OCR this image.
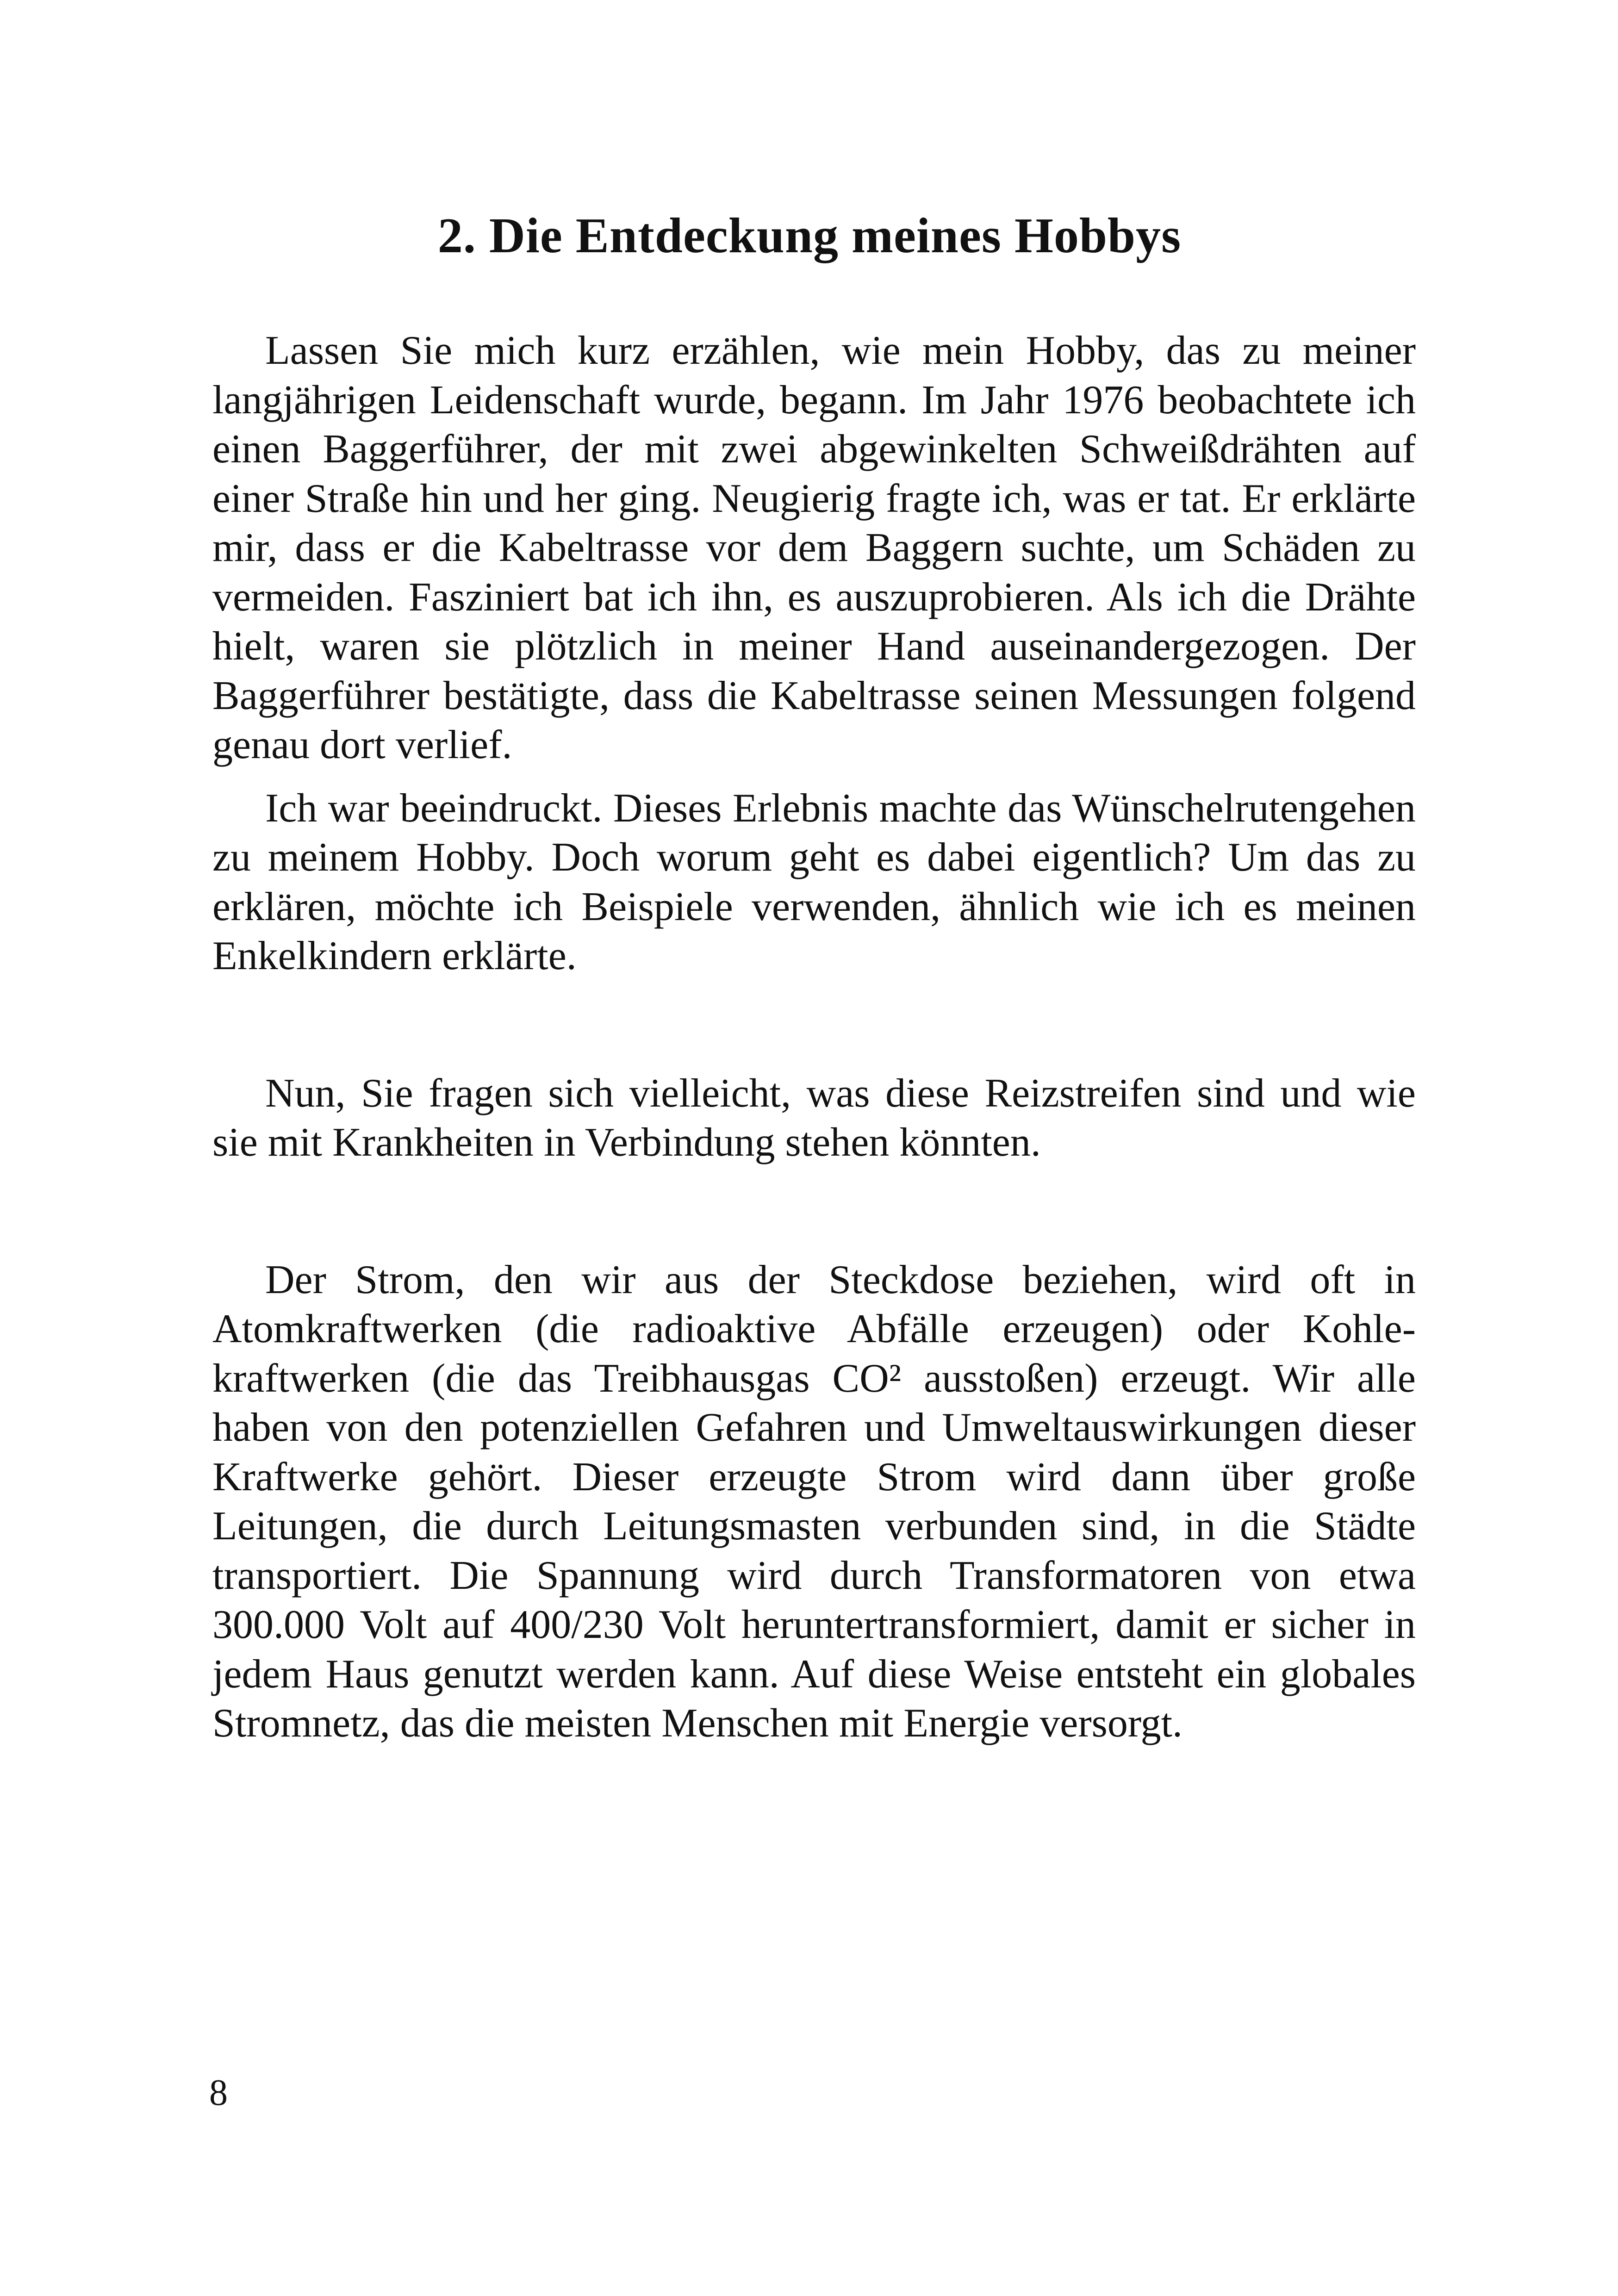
2. Die Entdeckung meines Hobbys

Lassen Sie mich kurz erzählen, wie mein Hobby, das zu meiner langjährigen Leidenschaft wurde, begann. Im Jahr 1976 beobachtete ich einen Baggerführer, der mit zwei abgewinkelten Schweißdrähten auf einer Straße hin und her ging. Neugierig fragte ich, was er tat. Er erklärte mir, dass er die Kabeltrasse vor dem Baggern suchte, um Schäden zu vermeiden. Fasziniert bat ich ihn, es auszuprobieren. Als ich die Drähte hielt, waren sie plötzlich in meiner Hand auseinandergezogen. Der Baggerführer bestätigte, dass die Kabeltrasse seinen Messungen folgend genau dort verlief.

Ich war beeindruckt. Dieses Erlebnis machte das Wünschelrutengehen zu meinem Hobby. Doch worum geht es dabei eigentlich? Um das zu erklären, möchte ich Beispiele verwenden, ähnlich wie ich es meinen Enkelkindern erklärte.

Nun, Sie fragen sich vielleicht, was diese Reizstreifen sind und wie sie mit Krankheiten in Verbindung stehen könnten.

Der Strom, den wir aus der Steckdose beziehen, wird oft in Atomkraftwerken (die radioaktive Abfälle erzeugen) oder Kohlekraftwerken (die das Treibhausgas CO² ausstoßen) erzeugt. Wir alle haben von den potenziellen Gefahren und Umweltauswirkungen dieser Kraftwerke gehört. Dieser erzeugte Strom wird dann über große Leitungen, die durch Leitungsmasten verbunden sind, in die Städte transportiert. Die Spannung wird durch Transformatoren von etwa 300.000 Volt auf 400/230 Volt heruntertransformiert, damit er sicher in jedem Haus genutzt werden kann. Auf diese Weise entsteht ein globales Stromnetz, das die meisten Menschen mit Energie versorgt.

8
